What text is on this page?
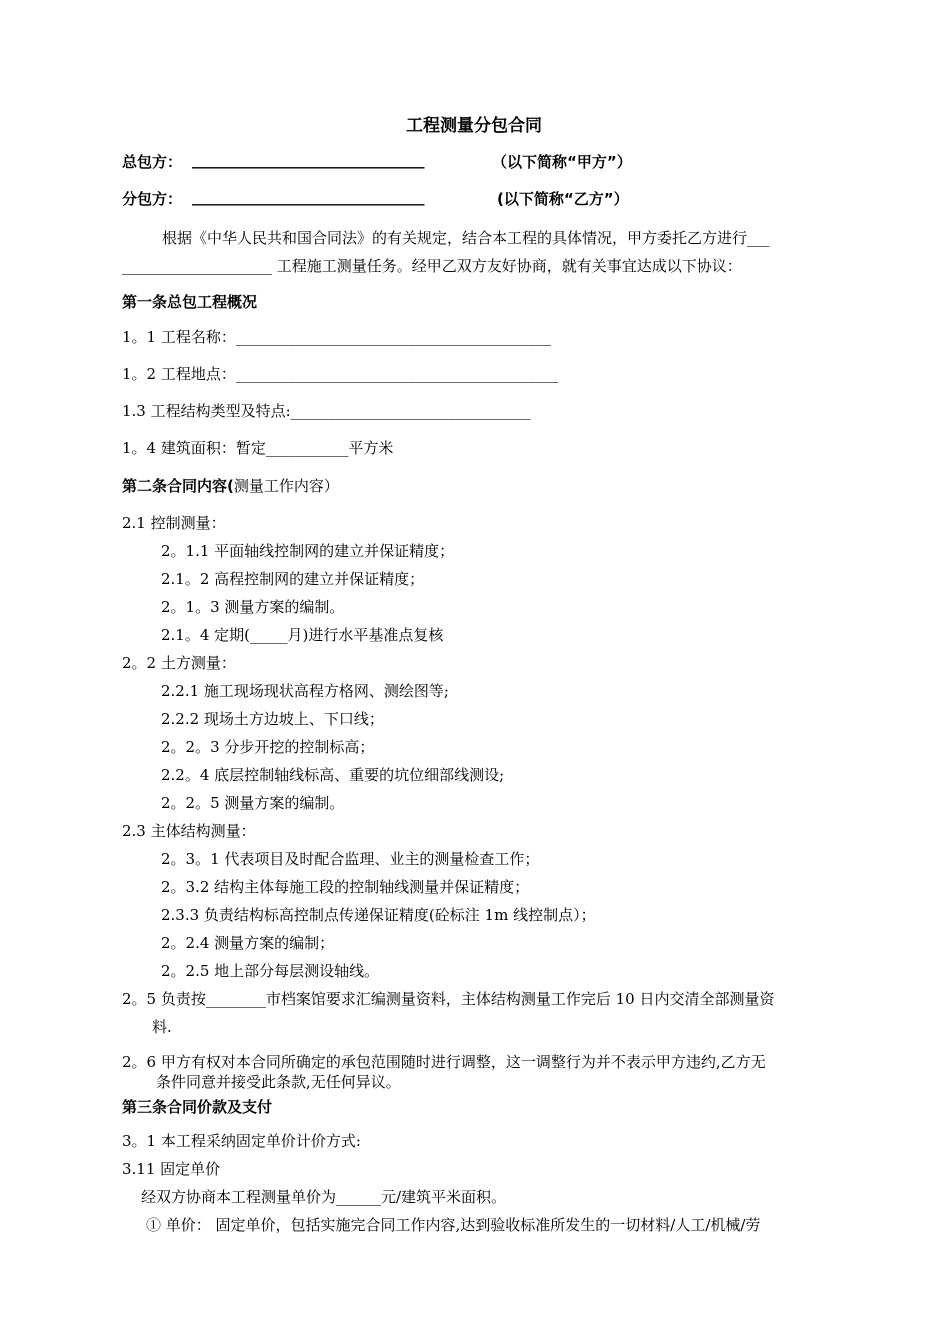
工程测量分包合同
总包方： _______________________________	（以下简称“甲方”）
分包方： _______________________________	(以下简称“乙方”）
根据《中华人民共和国合同法》的有关规定，结合本工程的具体情况，甲方委托乙方进行___
____________________ 工程施工测量任务。经甲乙双方友好协商，就有关事宜达成以下协议：
第一条总包工程概况
1。1 工程名称：__________________________________________
1。2 工程地点：___________________________________________
1.3 工程结构类型及特点:________________________________
1。4 建筑面积：暂定___________平方米
第二条合同内容(测量工作内容）
2.1 控制测量：
2。1.1 平面轴线控制网的建立并保证精度；
2.1。2 高程控制网的建立并保证精度；
2。1。3 测量方案的编制。
2.1。4 定期(_____月)进行水平基准点复核
2。2 土方测量：
2.2.1 施工现场现状高程方格网、测绘图等;
2.2.2 现场土方边坡上、下口线；
2。2。3 分步开挖的控制标高；
2.2。4 底层控制轴线标高、重要的坑位细部线测设;
2。2。5 测量方案的编制。
2.3 主体结构测量：
2。3。1 代表项目及时配合监理、业主的测量检查工作；
2。3.2 结构主体每施工段的控制轴线测量并保证精度；
2.3.3 负责结构标高控制点传递保证精度(砼标注 1m 线控制点）；
2。2.4 测量方案的编制；
2。2.5 地上部分每层测设轴线。
2。5 负责按________市档案馆要求汇编测量资料，主体结构测量工作完后 10 日内交清全部测量资
料.
2。6 甲方有权对本合同所确定的承包范围随时进行调整，这一调整行为并不表示甲方违约,乙方无
条件同意并接受此条款,无任何异议。
第三条合同价款及支付
3。1 本工程采纳固定单价计价方式:
3.11 固定单价
经双方协商本工程测量单价为______元/建筑平米面积。
① 单价： 固定单价，包括实施完合同工作内容,达到验收标准所发生的一切材料/人工/机械/劳
